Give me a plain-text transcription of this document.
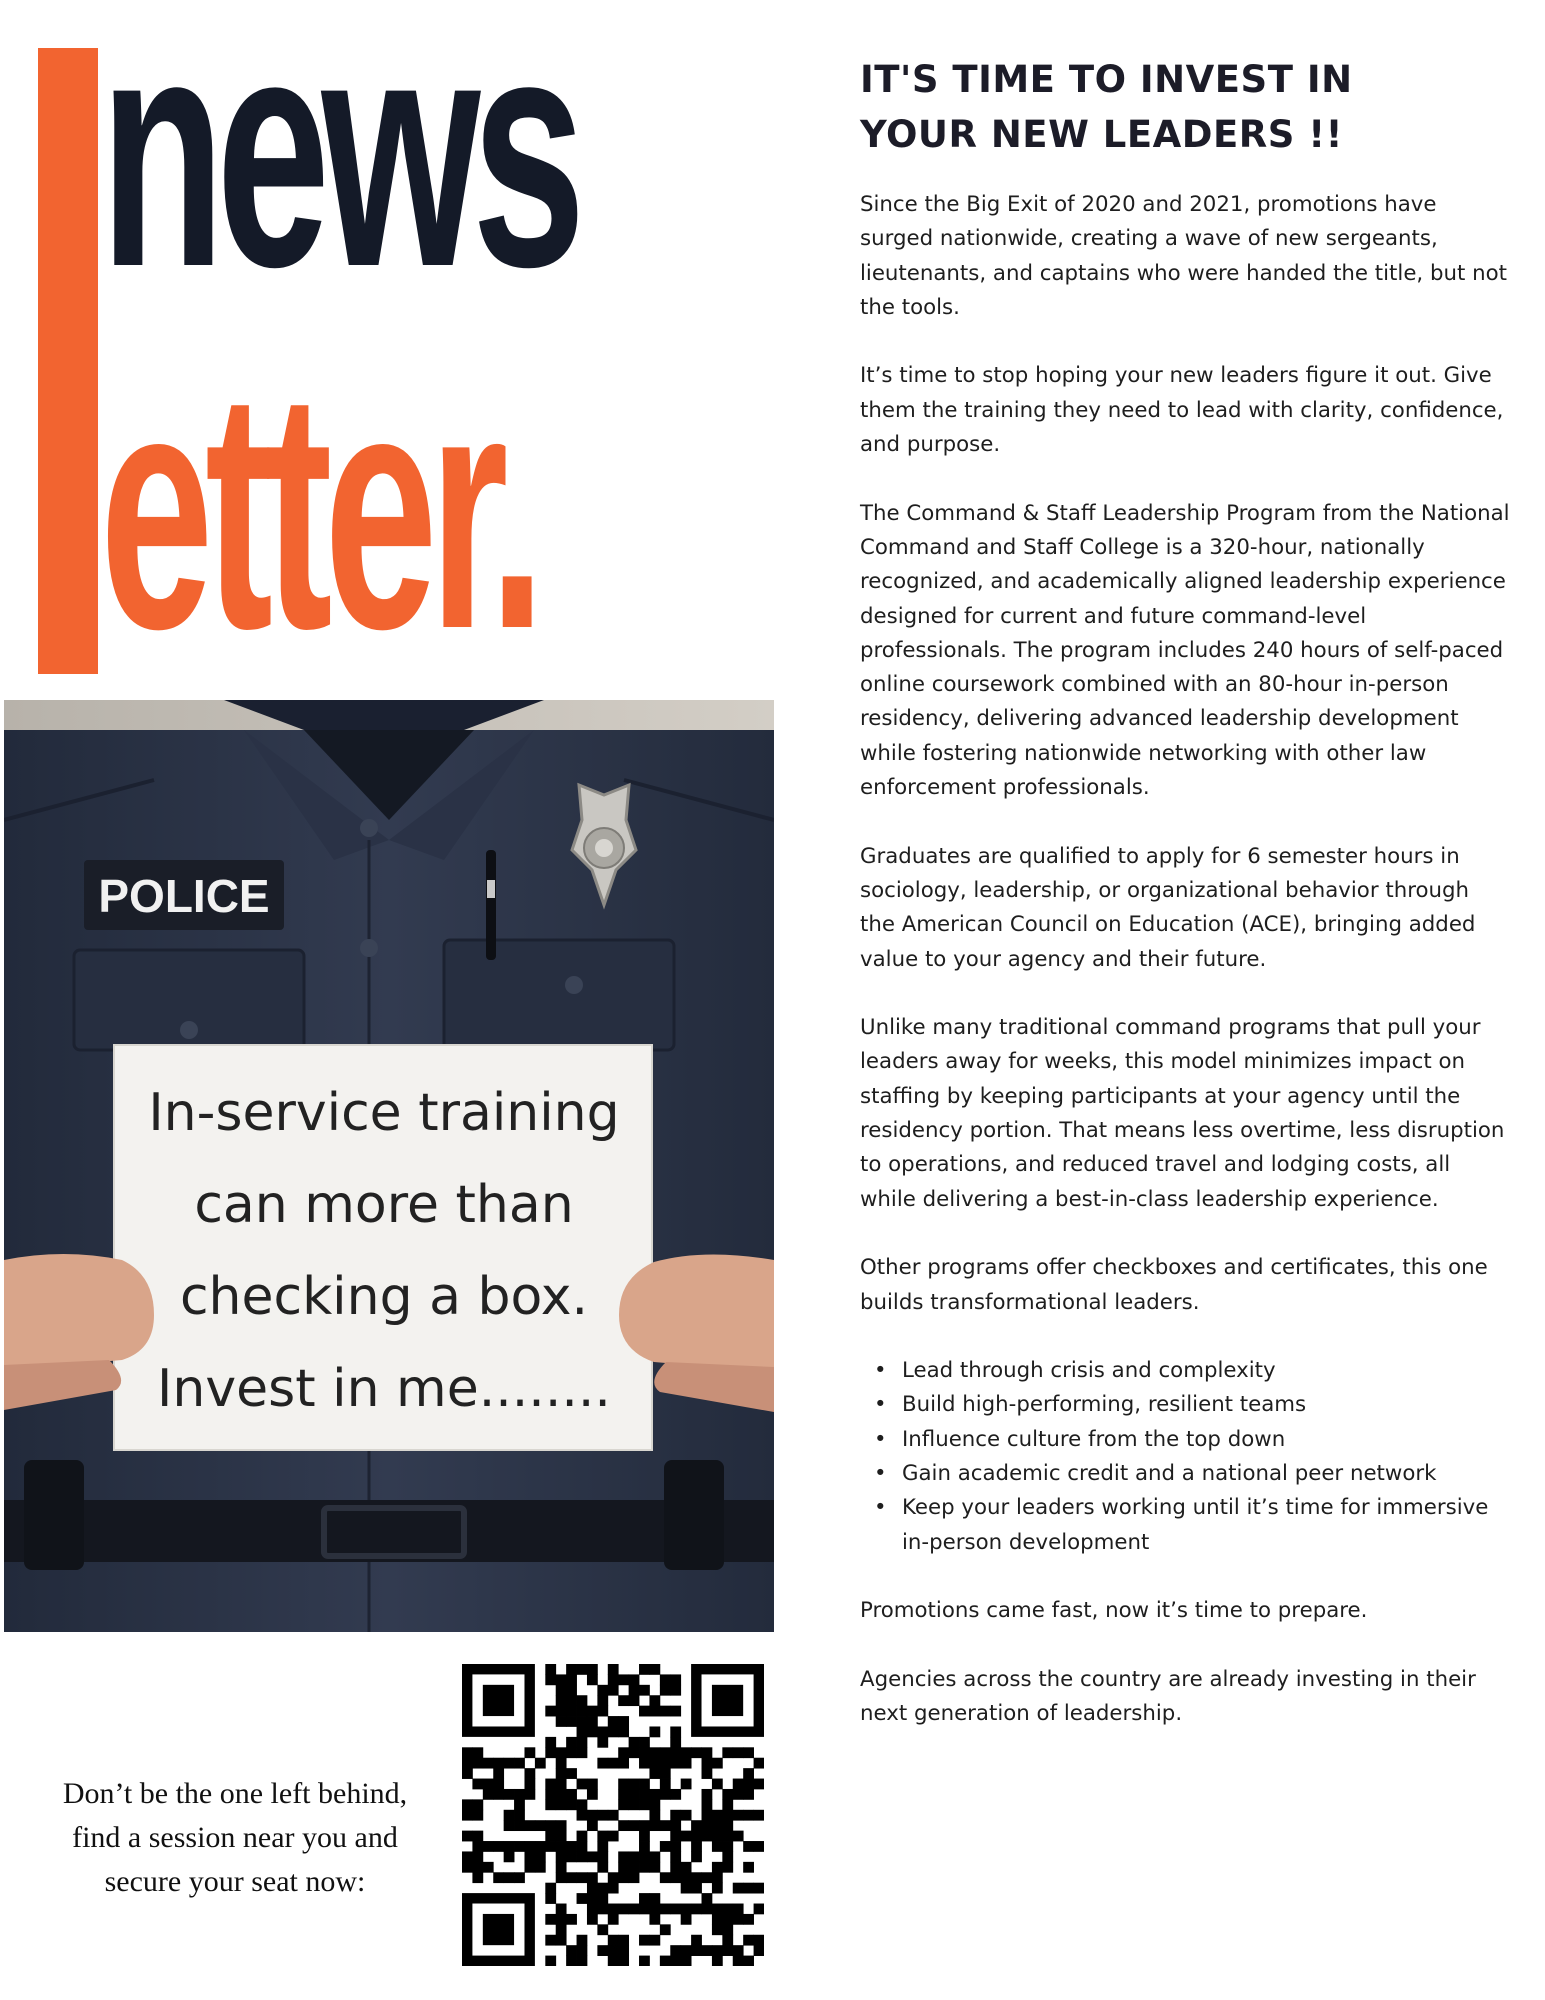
news
etter.
POLICE
In-service training
can more than
checking a box.
Invest in me........
IT'S TIME TO INVEST IN
YOUR NEW LEADERS !!

Since the Big Exit of 2020 and 2021, promotions have surged nationwide, creating a wave of new sergeants, lieutenants, and captains who were handed the title, but not the tools.

It’s time to stop hoping your new leaders figure it out. Give them the training they need to lead with clarity, confidence, and purpose.

The Command & Staff Leadership Program from the National Command and Staff College is a 320-hour, nationally recognized, and academically aligned leadership experience designed for current and future command-level professionals. The program includes 240 hours of self-paced online coursework combined with an 80-hour in-person residency, delivering advanced leadership development while fostering nationwide networking with other law enforcement professionals.

Graduates are qualified to apply for 6 semester hours in sociology, leadership, or organizational behavior through the American Council on Education (ACE), bringing added value to your agency and their future.

Unlike many traditional command programs that pull your leaders away for weeks, this model minimizes impact on staffing by keeping participants at your agency until the residency portion. That means less overtime, less disruption to operations, and reduced travel and lodging costs, all while delivering a best-in-class leadership experience.

Other programs offer checkboxes and certificates, this one builds transformational leaders.

• Lead through crisis and complexity
• Build high-performing, resilient teams
• Influence culture from the top down
• Gain academic credit and a national peer network
• Keep your leaders working until it’s time for immersive in-person development

Promotions came fast, now it’s time to prepare.

Agencies across the country are already investing in their next generation of leadership.

Don’t be the one left behind,
find a session near you and
secure your seat now:
